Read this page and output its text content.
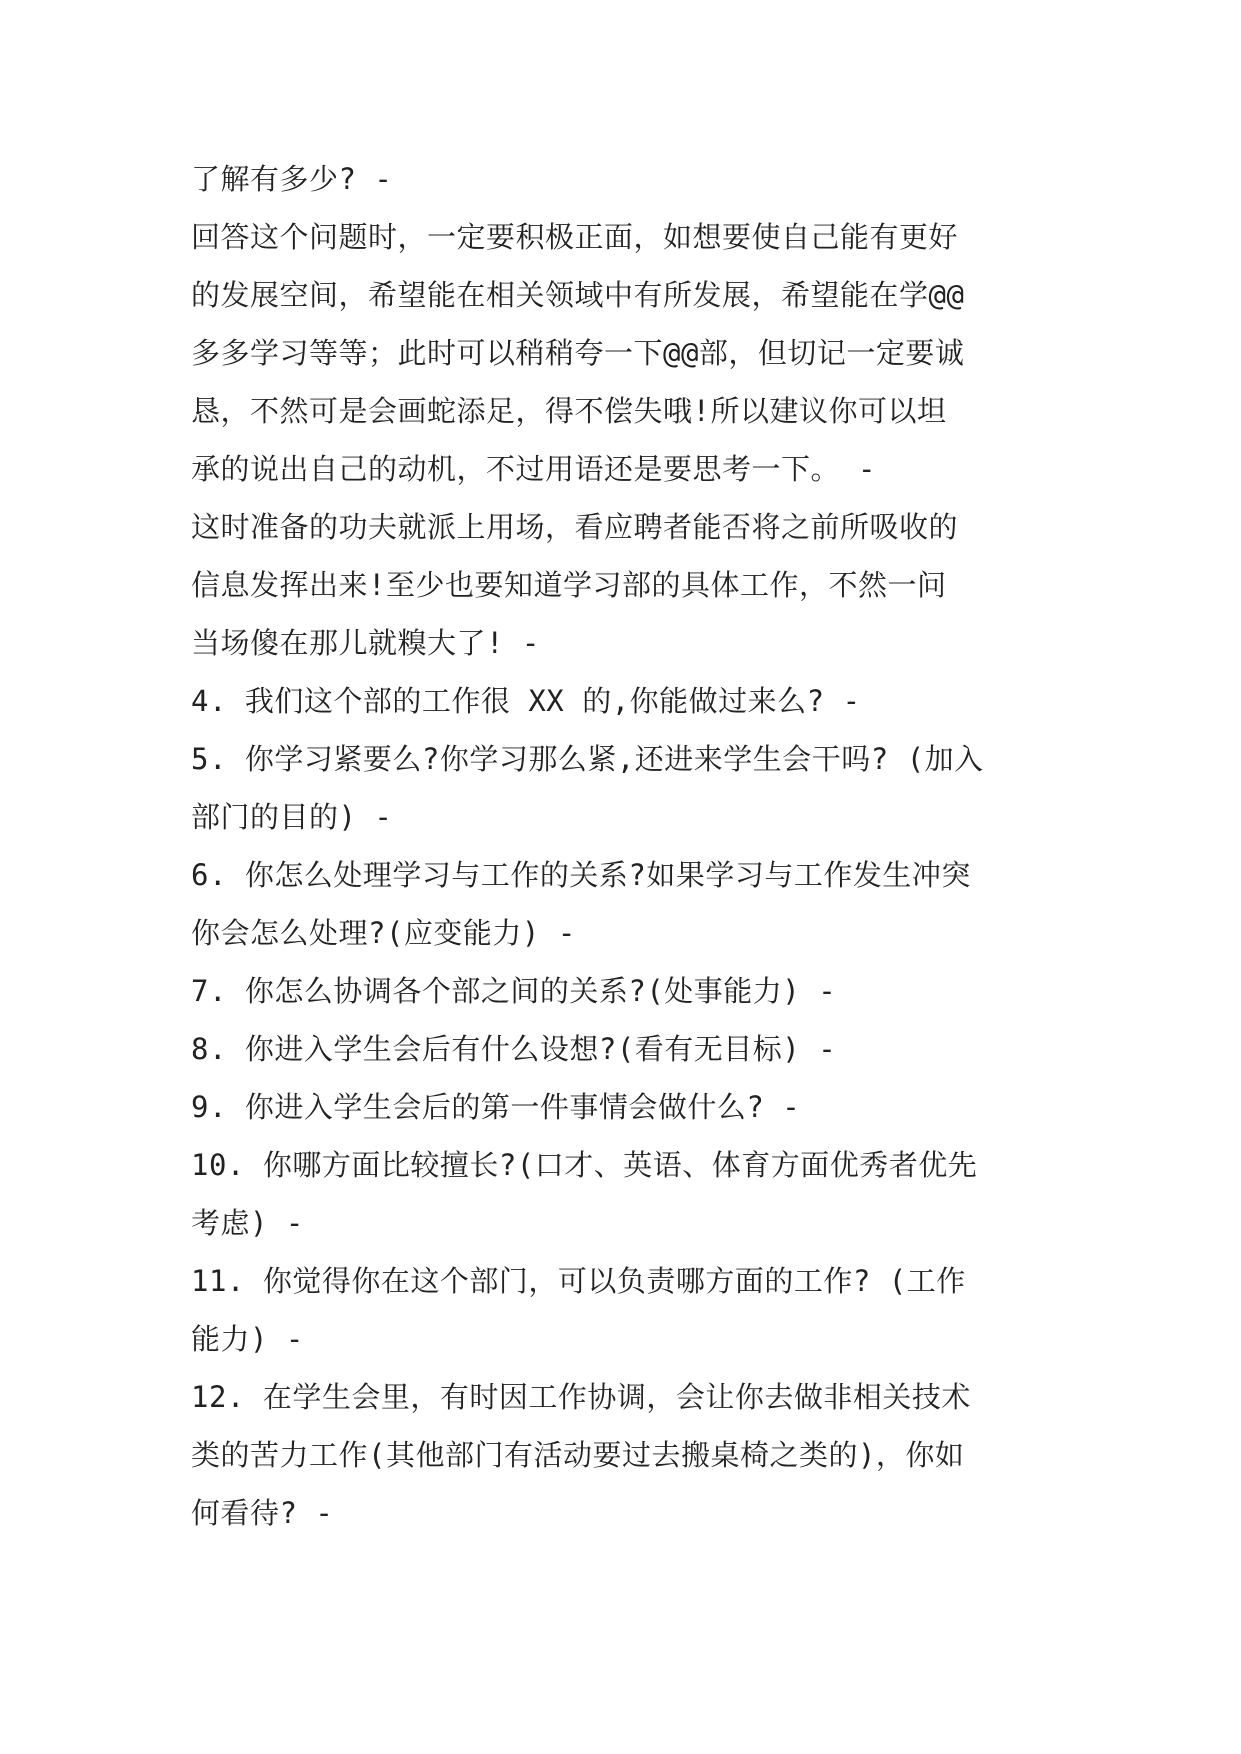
了解有多少? -
回答这个问题时，一定要积极正面，如想要使自己能有更好
的发展空间，希望能在相关领域中有所发展，希望能在学@@
多多学习等等；此时可以稍稍夸一下@@部，但切记一定要诚
恳，不然可是会画蛇添足，得不偿失哦!所以建议你可以坦
承的说出自己的动机，不过用语还是要思考一下。 -
这时准备的功夫就派上用场，看应聘者能否将之前所吸收的
信息发挥出来!至少也要知道学习部的具体工作，不然一问
当场傻在那儿就糗大了! -
4. 我们这个部的工作很 XX 的,你能做过来么? -
5. 你学习紧要么?你学习那么紧,还进来学生会干吗? (加入
部门的目的) -
6. 你怎么处理学习与工作的关系?如果学习与工作发生冲突
你会怎么处理?(应变能力) -
7. 你怎么协调各个部之间的关系?(处事能力) -
8. 你进入学生会后有什么设想?(看有无目标) -
9. 你进入学生会后的第一件事情会做什么? -
10. 你哪方面比较擅长?(口才、英语、体育方面优秀者优先
考虑) -
11. 你觉得你在这个部门，可以负责哪方面的工作? (工作
能力) -
12. 在学生会里，有时因工作协调，会让你去做非相关技术
类的苦力工作(其他部门有活动要过去搬桌椅之类的)，你如
何看待? -
